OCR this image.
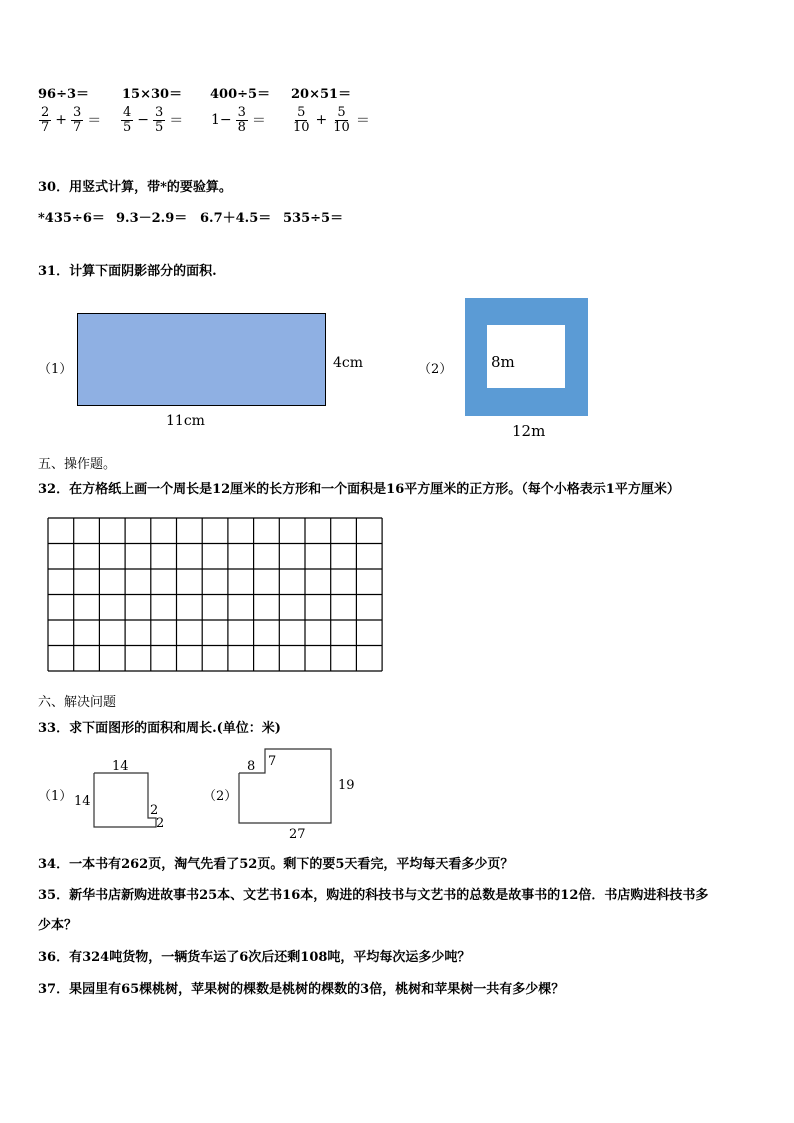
96÷3＝	15×30＝ 400÷5＝ 20×51＝
$\frac{2}{7} + \frac{3}{7} = \frac{4}{5} - \frac{3}{5} = 1- \frac{3}{8} = \frac{5}{10} + \frac{5}{10}$ ＝
30．用竖式计算，带*的要验算。
*435÷6＝ 9.3－2.9＝ 6.7＋4.5＝ 535÷5＝
31．计算下面阴影部分的面积.
（1）	4cm
11cm
（2）	8m
12m
五、操作题。
32．在方格纸上画一个周长是12厘米的长方形和一个面积是16平方厘米的正方形。（每个小格表示1平方厘米）
六、解决问题
33．求下面图形的面积和周长.(单位：米)
（1）
14
14
2
2
（2）
8 7
19
27
34．一本书有262页，淘气先看了52页。剩下的要5天看完，平均每天看多少页？
35．新华书店新购进故事书25本、文艺书16本，购进的科技书与文艺书的总数是故事书的12倍．书店购进科技书多
少本？
36．有324吨货物，一辆货车运了6次后还剩108吨，平均每次运多少吨？
37．果园里有65棵桃树，苹果树的棵数是桃树的棵数的3倍，桃树和苹果树一共有多少棵？
